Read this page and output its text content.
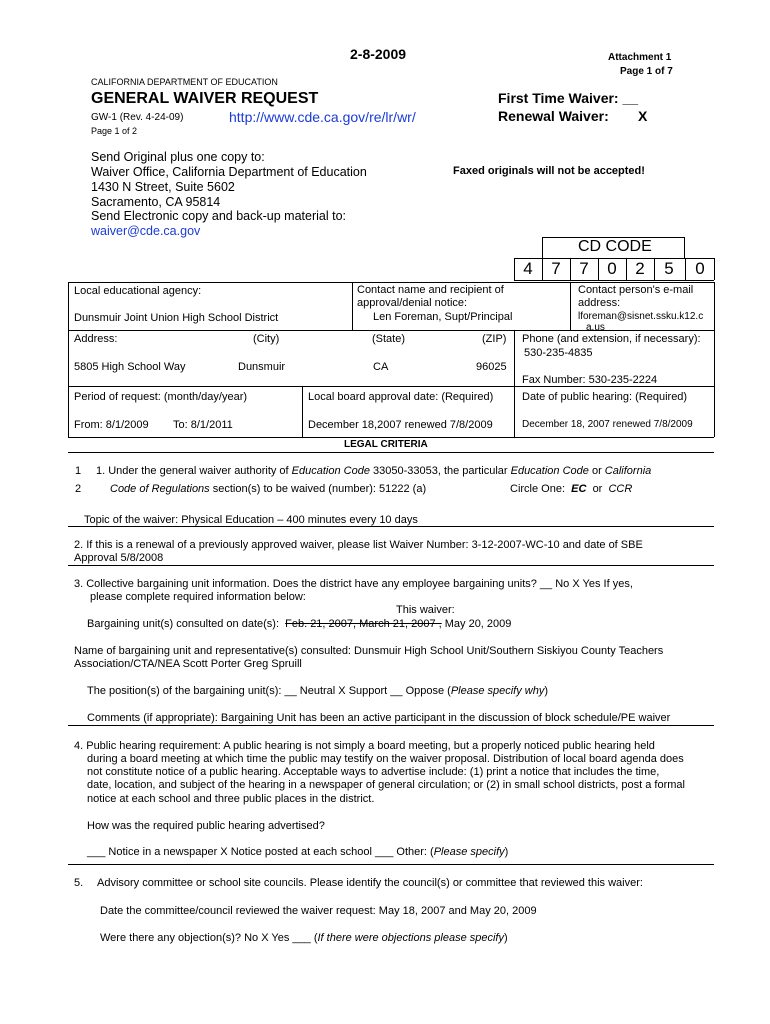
2-8-2009	Attachment 1
Page 1 of 7
CALIFORNIA DEPARTMENT OF EDUCATION
GENERAL WAIVER REQUEST
GW-1 (Rev. 4-24-09)	http://www.cde.ca.gov/re/lr/wr/
Page 1 of 2
First Time Waiver: __
Renewal Waiver: X
Send Original plus one copy to:
Waiver Office, California Department of Education
1430 N Street, Suite 5602
Sacramento, CA 95814
Send Electronic copy and back-up material to:
waiver@cde.ca.gov
Faxed originals will not be accepted!
CD CODE
4	7	7	0	2	5	0
Local educational agency:
Dunsmuir Joint Union High School District
Contact name and recipient of
approval/denial notice:
Len Foreman, Supt/Principal
Contact person's e-mail
address:
lforeman@sisnet.ssku.k12.c
a.us
Address:	(City)	(State)	(ZIP)
5805 High School Way	Dunsmuir	CA	96025
Phone (and extension, if necessary):
530-235-4835
Fax Number: 530-235-2224
Period of request: (month/day/year)
From: 8/1/2009 To: 8/1/2011
Local board approval date: (Required)
December 18,2007 renewed 7/8/2009
Date of public hearing: (Required)
December 18, 2007 renewed 7/8/2009
LEGAL CRITERIA
1
2
1. Under the general waiver authority of Education Code 33050-33053, the particular Education Code or California
Code of Regulations section(s) to be waived (number): 51222 (a)	Circle One: EC or CCR
Topic of the waiver: Physical Education – 400 minutes every 10 days
2. If this is a renewal of a previously approved waiver, please list Waiver Number: 3-12-2007-WC-10 and date of SBE
Approval 5/8/2008
3. Collective bargaining unit information. Does the district have any employee bargaining units? __ No X Yes If yes,
please complete required information below:
This waiver:
Bargaining unit(s) consulted on date(s): Feb. 21, 2007, March 21, 2007 , May 20, 2009
Name of bargaining unit and representative(s) consulted: Dunsmuir High School Unit/Southern Siskiyou County Teachers
Association/CTA/NEA Scott Porter Greg Spruill
The position(s) of the bargaining unit(s): __ Neutral X Support __ Oppose (Please specify why)
Comments (if appropriate): Bargaining Unit has been an active participant in the discussion of block schedule/PE waiver
4. Public hearing requirement: A public hearing is not simply a board meeting, but a properly noticed public hearing held
during a board meeting at which time the public may testify on the waiver proposal. Distribution of local board agenda does
not constitute notice of a public hearing. Acceptable ways to advertise include: (1) print a notice that includes the time,
date, location, and subject of the hearing in a newspaper of general circulation; or (2) in small school districts, post a formal
notice at each school and three public places in the district.
How was the required public hearing advertised?
___ Notice in a newspaper X Notice posted at each school ___ Other: (Please specify)
5. Advisory committee or school site councils. Please identify the council(s) or committee that reviewed this waiver:
Date the committee/council reviewed the waiver request: May 18, 2007 and May 20, 2009
Were there any objection(s)? No X Yes ___ (If there were objections please specify)
